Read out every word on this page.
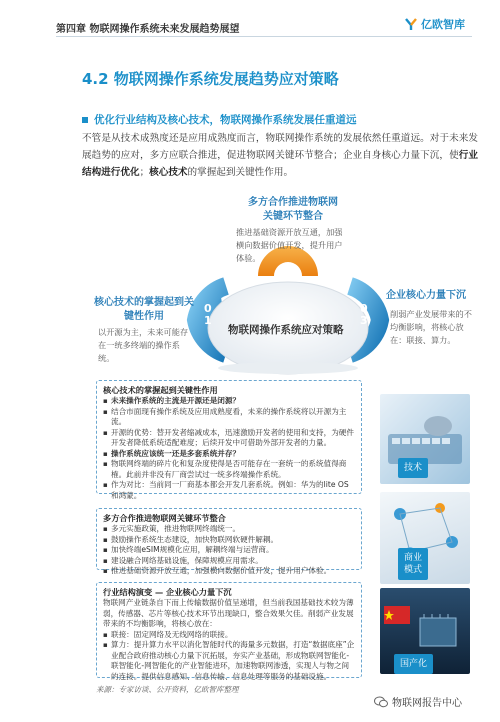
第四章 物联网操作系统未来发展趋势展望	亿欧智库
4.2 物联网操作系统发展趋势应对策略
优化行业结构及核心技术，物联网操作系统发展任重道远
不管是从技术成熟度还是应用成熟度而言，物联网操作系统的发展依然任重道远。对于未来发展趋势的应对，多方应联合推进，促进物联网关键环节整合；企业自身核心力量下沉，使行业结构进行优化；核心技术的掌握起到关键性作用。
02
01
03
物联网操作系统应对策略
多方合作推进物联网关键环节整合
推进基础资源开放互通，加强横向数据价值开发，提升用户体验。
核心技术的掌握起到关键性作用
以开源为主，未来可能存在一统多终端的操作系统。
企业核心力量下沉
削弱产业发展带来的不均衡影响，将核心放在：联接、算力。
核心技术的掌握起到关键性作用
▪ 未来操作系统的主流是开源还是闭源？
▪ 结合市面现有操作系统及应用成熟度看，未来的操作系统将以开源为主流。
▪ 开源的优势：替开发者缩减成本，迅速激励开发者的使用和支持，为硬件开发者降低系统适配难度；后续开发中可借助外部开发者的力量。
▪ 操作系统应该统一还是多套系统并存？
▪ 物联网终端的碎片化和复杂度使得是否可能存在一套统一的系统值得商榷。此前并非没有厂商尝试过一统多终端操作系统。
▪ 作为对比：当前同一厂商基本都会开发几套系统。例如：华为的lite OS和鸿蒙。
多方合作推进物联网关键环节整合
▪ 多元实施政策，推进物联网终端统一。
▪ 鼓励操作系统生态建设，加快物联网软硬件解耦。
▪ 加快终端eSIM规模化应用，解耦终端与运营商。
▪ 建设融合网络基础设施，保障规模应用需求。
▪ 推进基础资源开放互通，加强横向数据价值开发，提升用户体验。
行业结构演变 — 企业核心力量下沉
物联网产业链条自下而上传输数据价值呈递增，但当前我国基础技术较为薄弱，传感器、芯片等核心技术环节出现缺口，整合效果欠佳。削弱产业发展带来的不均衡影响，将核心放在：
▪ 联接：固定网络及无线网络的联接。
▪ 算力：提升算力水平以消化智能时代的海量多元数据，打造“数据底座”企业配合政府推动核心力量下沉拓展，夯实产业基础，形成物联网智能化-联智能化-网智能化的产业智能进环，加速物联网渗透，实现人与物之间的连接。提供信息感知、信息传输、信息处理等服务的基础设施。
技术
商业
模式
国产化
来源：专家访谈、公开资料，亿欧智库整理
物联网报告中心
